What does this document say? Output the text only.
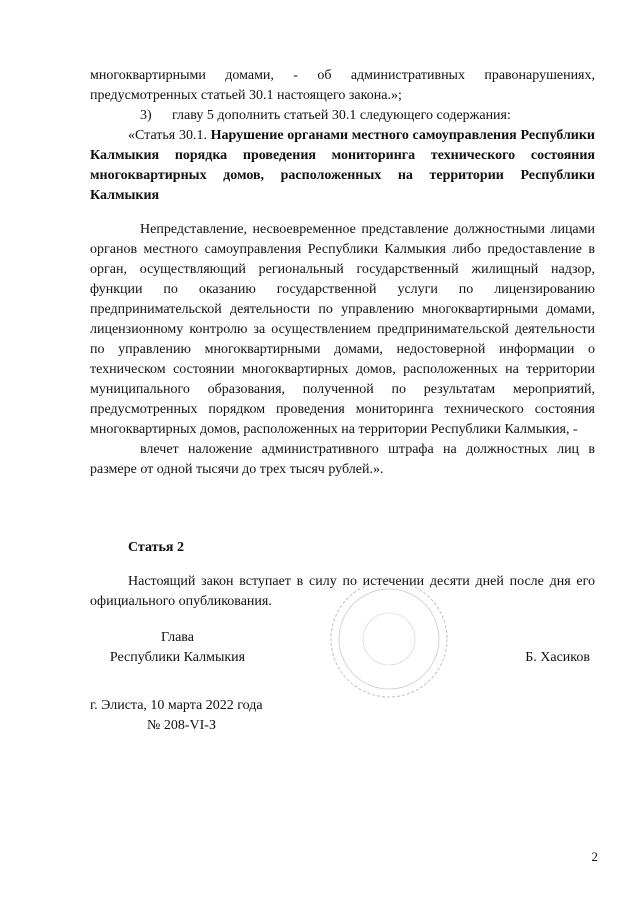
многоквартирными домами, - об административных правонарушениях, предусмотренных статьей 30.1 настоящего закона.»;

3) главу 5 дополнить статьей 30.1 следующего содержания:

«Статья 30.1. Нарушение органами местного самоуправления Республики Калмыкия порядка проведения мониторинга технического состояния многоквартирных домов, расположенных на территории Республики Калмыкия

Непредставление, несвоевременное представление должностными лицами органов местного самоуправления Республики Калмыкия либо предоставление в орган, осуществляющий региональный государственный жилищный надзор, функции по оказанию государственной услуги по лицензированию предпринимательской деятельности по управлению многоквартирными домами, лицензионному контролю за осуществлением предпринимательской деятельности по управлению многоквартирными домами, недостоверной информации о техническом состоянии многоквартирных домов, расположенных на территории муниципального образования, полученной по результатам мероприятий, предусмотренных порядком проведения мониторинга технического состояния многоквартирных домов, расположенных на территории Республики Калмыкия, -

влечет наложение административного штрафа на должностных лиц в размере от одной тысячи до трех тысяч рублей.».

Статья 2

Настоящий закон вступает в силу по истечении десяти дней после дня его официального опубликования.

Глава
Республики Калмыкия	Б. Хасиков
г. Элиста, 10 марта 2022 года
№ 208-VI-З
2
